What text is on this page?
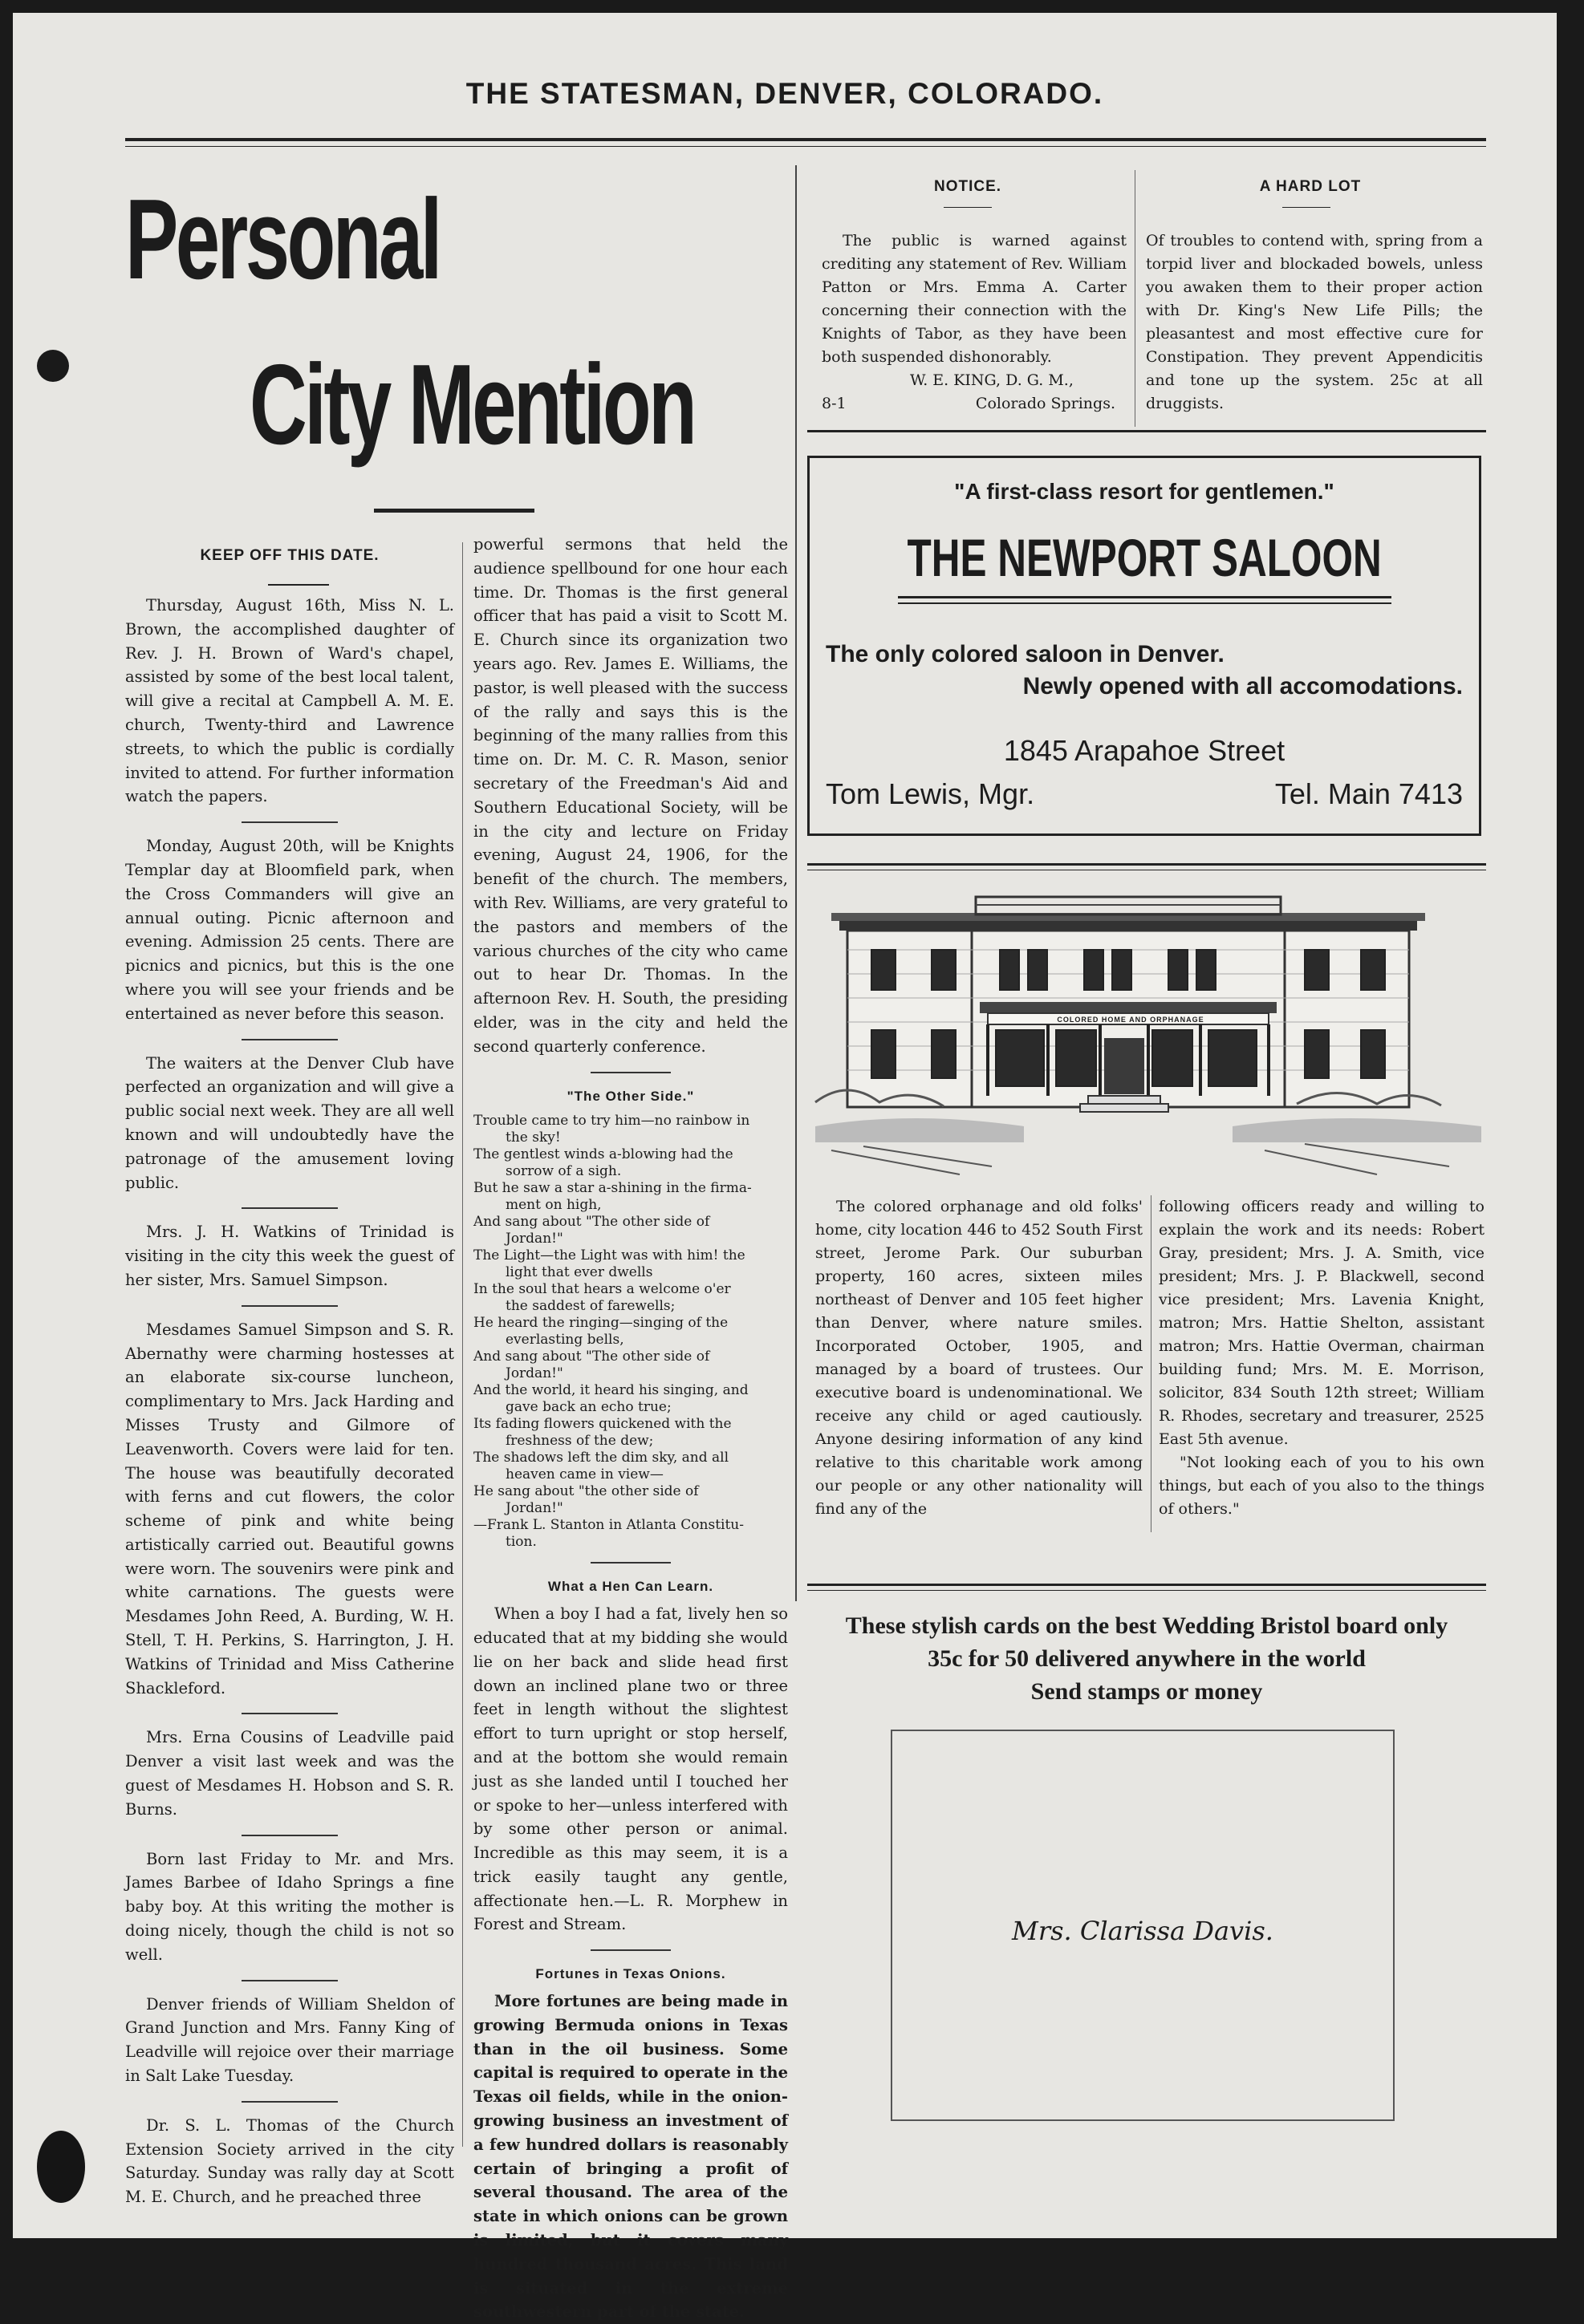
THE STATESMAN, DENVER, COLORADO.
Personal
City Mention
KEEP OFF THIS DATE.

Thursday, August 16th, Miss N. L. Brown, the accomplished daughter of Rev. J. H. Brown of Ward's chapel, assisted by some of the best local talent, will give a recital at Campbell A. M. E. church, Twenty-third and Lawrence streets, to which the public is cordially invited to attend. For further information watch the papers.

Monday, August 20th, will be Knights Templar day at Bloomfield park, when the Cross Commanders will give an annual outing. Picnic afternoon and evening. Admission 25 cents. There are picnics and picnics, but this is the one where you will see your friends and be entertained as never before this season.

The waiters at the Denver Club have perfected an organization and will give a public social next week. They are all well known and will undoubtedly have the patronage of the amusement loving public.

Mrs. J. H. Watkins of Trinidad is visiting in the city this week the guest of her sister, Mrs. Samuel Simpson.

Mesdames Samuel Simpson and S. R. Abernathy were charming hostesses at an elaborate six-course luncheon, complimentary to Mrs. Jack Harding and Misses Trusty and Gilmore of Leavenworth. Covers were laid for ten. The house was beautifully decorated with ferns and cut flowers, the color scheme of pink and white being artistically carried out. Beautiful gowns were worn. The souvenirs were pink and white carnations. The guests were Mesdames John Reed, A. Burding, W. H. Stell, T. H. Perkins, S. Harrington, J. H. Watkins of Trinidad and Miss Catherine Shackleford.

Mrs. Erna Cousins of Leadville paid Denver a visit last week and was the guest of Mesdames H. Hobson and S. R. Burns.

Born last Friday to Mr. and Mrs. James Barbee of Idaho Springs a fine baby boy. At this writing the mother is doing nicely, though the child is not so well.

Denver friends of William Sheldon of Grand Junction and Mrs. Fanny King of Leadville will rejoice over their marriage in Salt Lake Tuesday.

Dr. S. L. Thomas of the Church Extension Society arrived in the city Saturday. Sunday was rally day at Scott M. E. Church, and he preached three

powerful sermons that held the audience spellbound for one hour each time. Dr. Thomas is the first general officer that has paid a visit to Scott M. E. Church since its organization two years ago. Rev. James E. Williams, the pastor, is well pleased with the success of the rally and says this is the beginning of the many rallies from this time on. Dr. M. C. R. Mason, senior secretary of the Freedman's Aid and Southern Educational Society, will be in the city and lecture on Friday evening, August 24, 1906, for the benefit of the church. The members, with Rev. Williams, are very grateful to the pastors and members of the various churches of the city who came out to hear Dr. Thomas. In the afternoon Rev. H. South, the presiding elder, was in the city and held the second quarterly conference.

"The Other Side."
Trouble came to try him—no rainbow in
the sky!
The gentlest winds a-blowing had the
sorrow of a sigh.
But he saw a star a-shining in the firma-
ment on high,
And sang about "The other side of
Jordan!"
The Light—the Light was with him! the
light that ever dwells
In the soul that hears a welcome o'er
the saddest of farewells;
He heard the ringing—singing of the
everlasting bells,
And sang about "The other side of
Jordan!"
And the world, it heard his singing, and
gave back an echo true;
Its fading flowers quickened with the
freshness of the dew;
The shadows left the dim sky, and all
heaven came in view—
He sang about "the other side of
Jordan!"
—Frank L. Stanton in Atlanta Constitu-
tion.
What a Hen Can Learn.

When a boy I had a fat, lively hen so educated that at my bidding she would lie on her back and slide head first down an inclined plane two or three feet in length without the slightest effort to turn upright or stop herself, and at the bottom she would remain just as she landed until I touched her or spoke to her—unless interfered with by some other person or animal. Incredible as this may seem, it is a trick easily taught any gentle, affectionate hen.—L. R. Morphew in Forest and Stream.

Fortunes in Texas Onions.

More fortunes are being made in growing Bermuda onions in Texas than in the oil business. Some capital is required to operate in the Texas oil fields, while in the onion-growing business an investment of a few hundred dollars is reasonably certain of bringing a profit of several thousand. The area of the state in which onions can be grown is limited, but it covers many hundred thousand acres. This land is situated in the extreme southwestern part of the state.

NOTICE.
The public is warned against crediting any statement of Rev. William Patton or Mrs. Emma A. Carter concerning their connection with the Knights of Tabor, as they have been both suspended dishonorably.
W. E. KING, D. G. M.,
8-1	Colorado Springs.
A HARD LOT
Of troubles to contend with, spring from a torpid liver and blockaded bowels, unless you awaken them to their proper action with Dr. King's New Life Pills; the pleasantest and most effective cure for Constipation. They prevent Appendicitis and tone up the system. 25c at all druggists.
"A first-class resort for gentlemen."
THE NEWPORT SALOON
The only colored saloon in Denver.
Newly opened with all accomodations.
1845 Arapahoe Street
Tom Lewis, Mgr.	Tel. Main 7413
COLORED HOME AND ORPHANAGE
The colored orphanage and old folks' home, city location 446 to 452 South First street, Jerome Park. Our suburban property, 160 acres, sixteen miles northeast of Denver and 105 feet higher than Denver, where nature smiles. Incorporated October, 1905, and managed by a board of trustees. Our executive board is undenominational. We receive any child or aged cautiously. Anyone desiring information of any kind relative to this charitable work among our people or any other nationality will find any of the
following officers ready and willing to explain the work and its needs: Robert Gray, president; Mrs. J. A. Smith, vice president; Mrs. J. P. Blackwell, second vice president; Mrs. Lavenia Knight, matron; Mrs. Hattie Shelton, assistant matron; Mrs. Hattie Overman, chairman building fund; Mrs. M. E. Morrison, solicitor, 834 South 12th street; William R. Rhodes, secretary and treasurer, 2525 East 5th avenue.
"Not looking each of you to his own things, but each of you also to the things of others."
These stylish cards on the best Wedding Bristol board only
35c for 50 delivered anywhere in the world
Send stamps or money
Mrs. Clarissa Davis.
